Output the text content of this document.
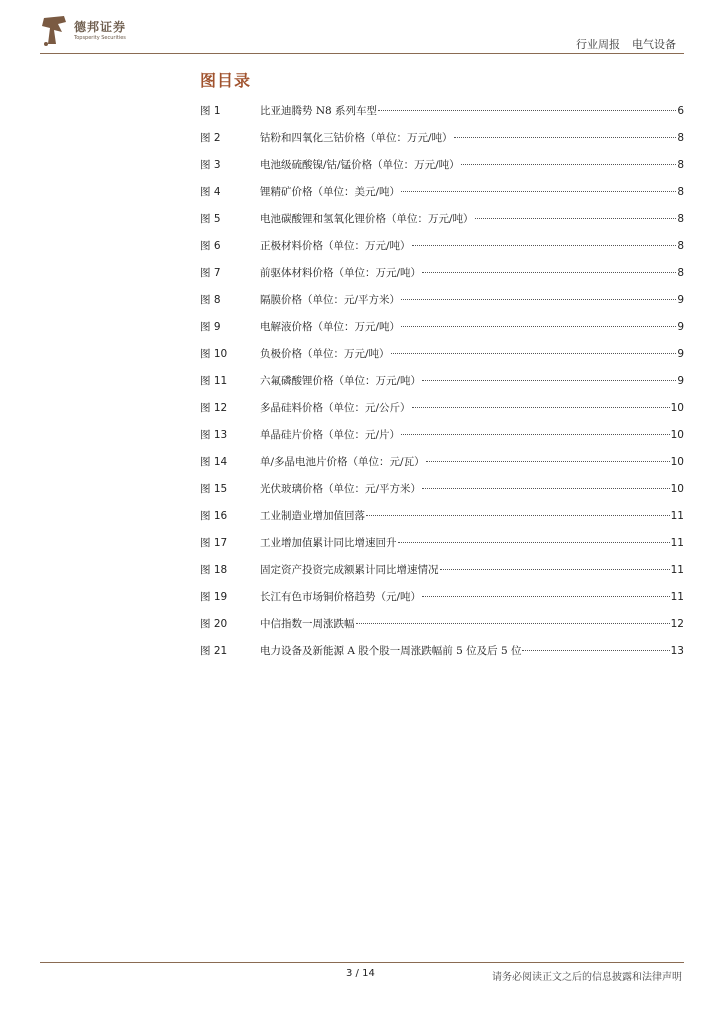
德邦证券
Topsperity Securities	行业周报 电气设备
图目录
图 1	比亚迪腾势 N8 系列车型	6
图 2	钴粉和四氧化三钴价格（单位：万元/吨）	8
图 3	电池级硫酸镍/钴/锰价格（单位：万元/吨）	8
图 4	锂精矿价格（单位：美元/吨）	8
图 5	电池碳酸锂和氢氧化锂价格（单位：万元/吨）	8
图 6	正极材料价格（单位：万元/吨）	8
图 7	前驱体材料价格（单位：万元/吨）	8
图 8	隔膜价格（单位：元/平方米）	9
图 9	电解液价格（单位：万元/吨）	9
图 10	负极价格（单位：万元/吨）	9
图 11	六氟磷酸锂价格（单位：万元/吨）	9
图 12	多晶硅料价格（单位：元/公斤）	10
图 13	单晶硅片价格（单位：元/片）	10
图 14	单/多晶电池片价格（单位：元/瓦）	10
图 15	光伏玻璃价格（单位：元/平方米）	10
图 16	工业制造业增加值回落	11
图 17	工业增加值累计同比增速回升	11
图 18	固定资产投资完成额累计同比增速情况	11
图 19	长江有色市场铜价格趋势（元/吨）	11
图 20	中信指数一周涨跌幅	12
图 21	电力设备及新能源 A 股个股一周涨跌幅前 5 位及后 5 位	13
3 / 14	请务必阅读正文之后的信息披露和法律声明
